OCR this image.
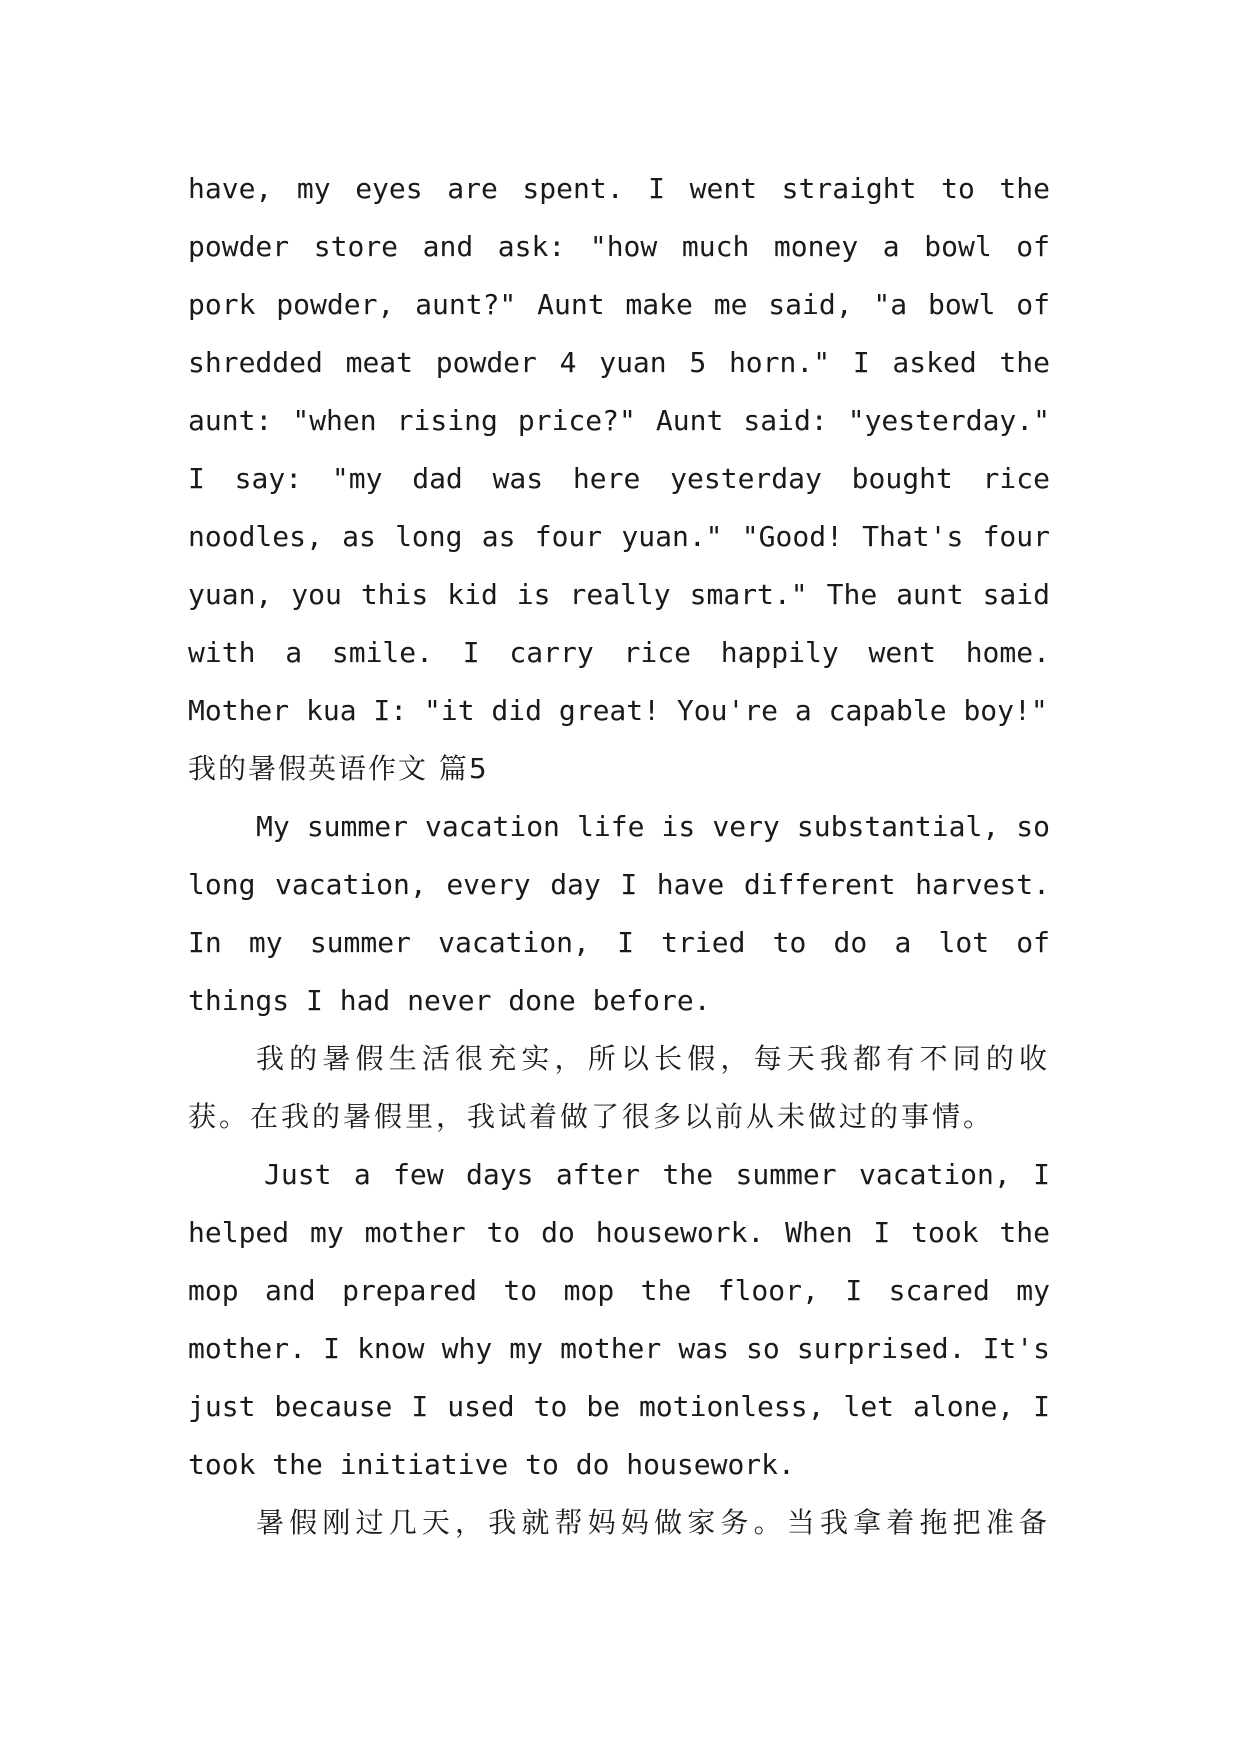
have, my eyes are spent. I went straight to the
powder store and ask: "how much money a bowl of
pork powder, aunt?" Aunt make me said, "a bowl of
shredded meat powder 4 yuan 5 horn." I asked the
aunt: "when rising price?" Aunt said: "yesterday."
I say: "my dad was here yesterday bought rice
noodles, as long as four yuan." "Good! That's four
yuan, you this kid is really smart." The aunt said
with a smile. I carry rice happily went home.
Mother kua I: "it did great! You're a capable boy!"
我的暑假英语作文 篇5
My summer vacation life is very substantial, so
long vacation, every day I have different harvest.
In my summer vacation, I tried to do a lot of
things I had never done before.
我的暑假生活很充实，所以长假，每天我都有不同的收
获。在我的暑假里，我试着做了很多以前从未做过的事情。
Just a few days after the summer vacation, I
helped my mother to do housework. When I took the
mop and prepared to mop the floor, I scared my
mother. I know why my mother was so surprised. It's
just because I used to be motionless, let alone, I
took the initiative to do housework.
暑假刚过几天，我就帮妈妈做家务。当我拿着拖把准备
